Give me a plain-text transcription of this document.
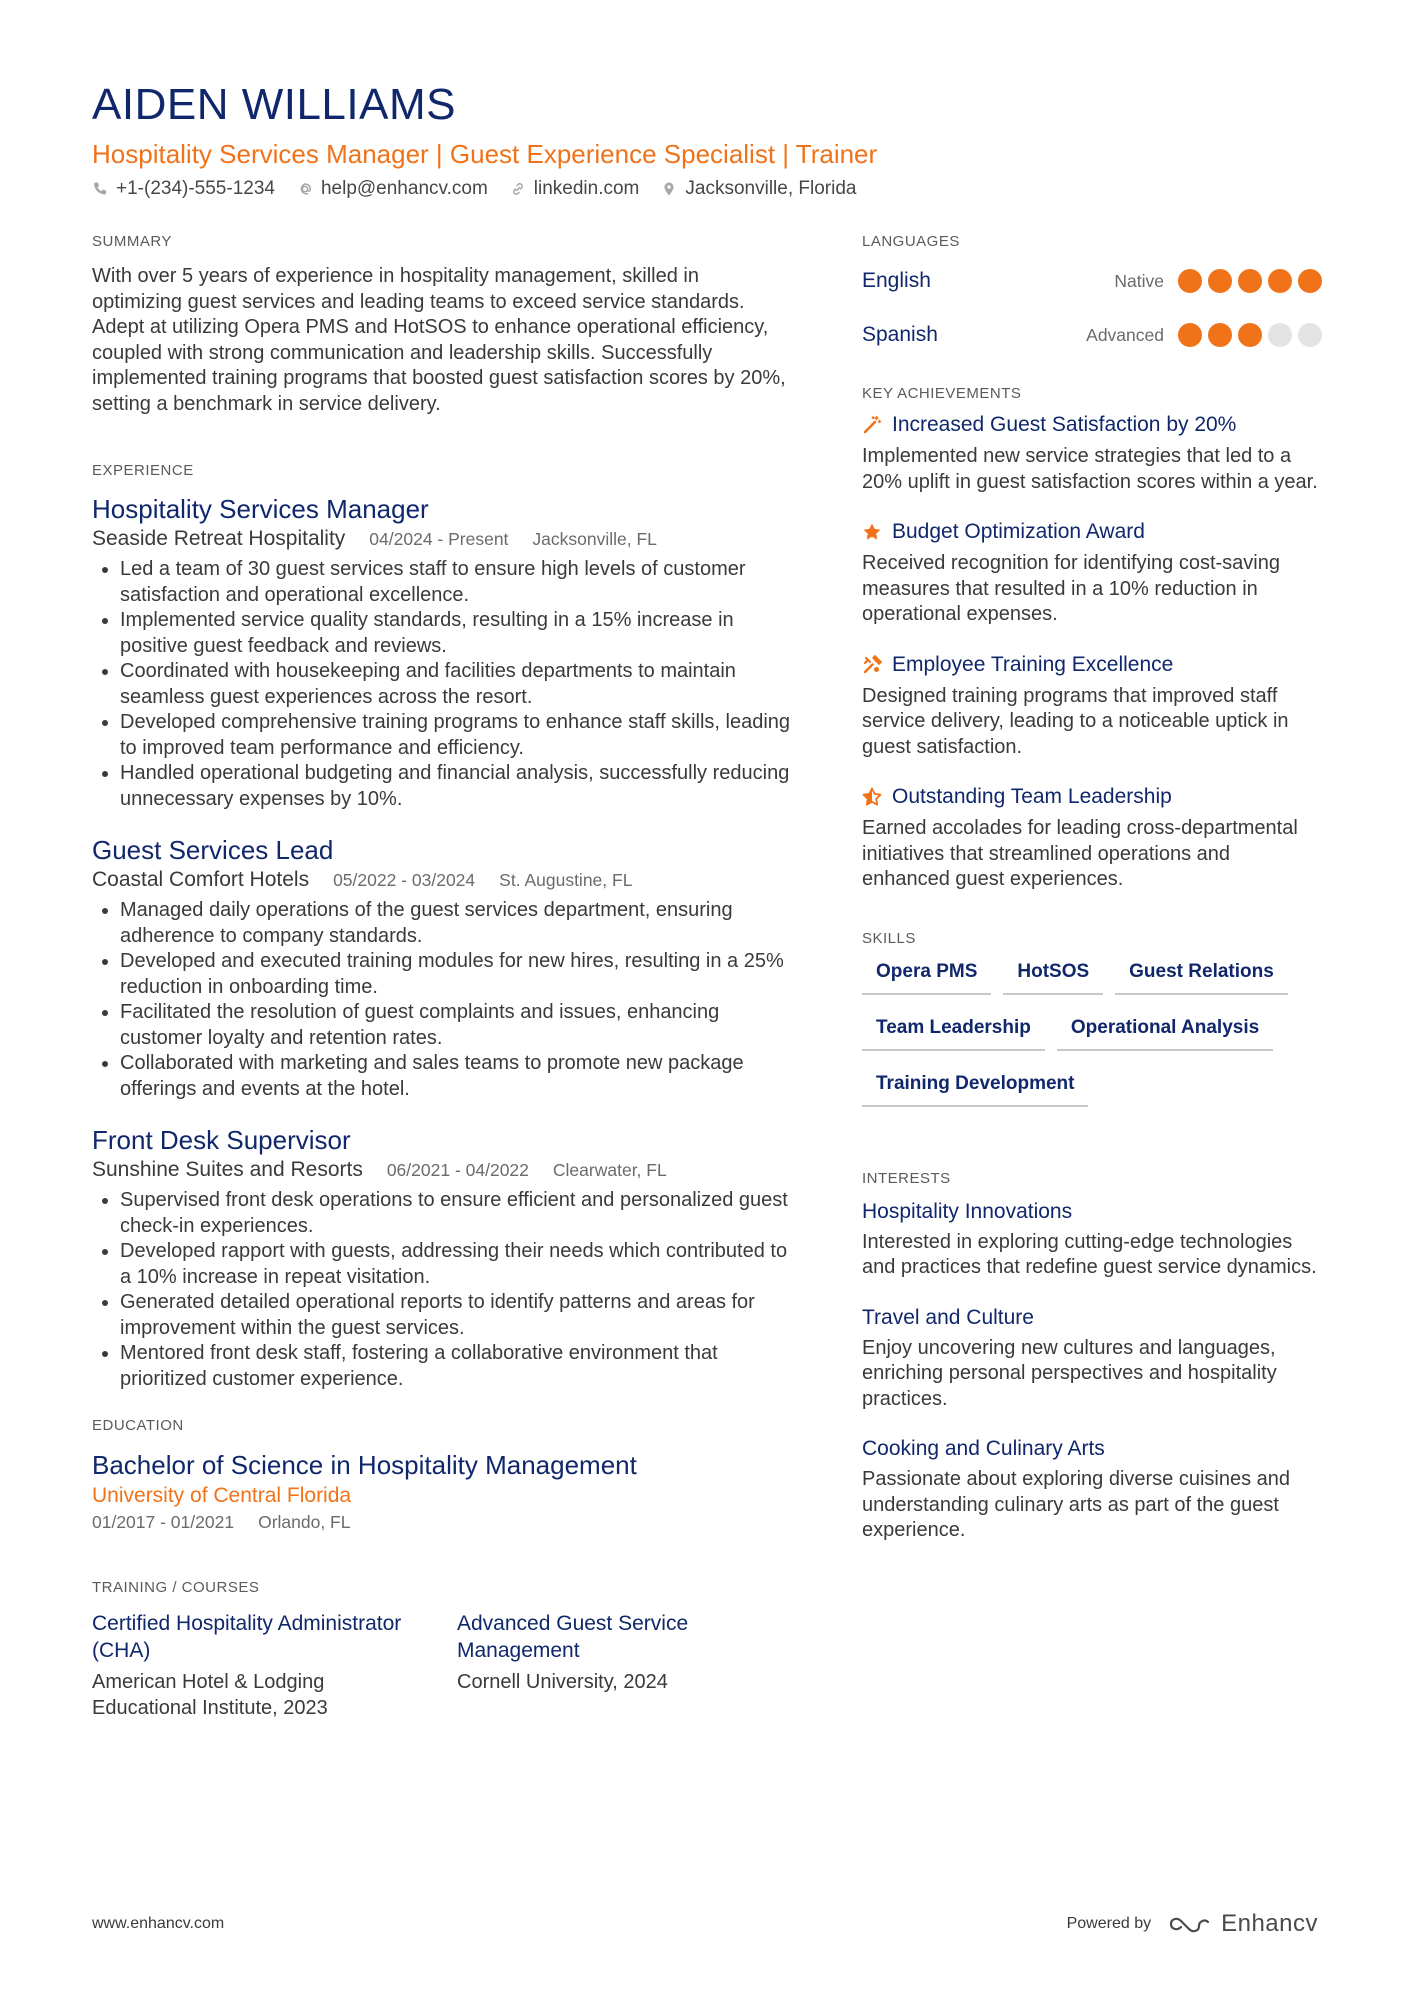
AIDEN WILLIAMS
Hospitality Services Manager | Guest Experience Specialist | Trainer
+1-(234)-555-1234 help@enhancv.com linkedin.com Jacksonville, Florida
SUMMARY
With over 5 years of experience in hospitality management, skilled in optimizing guest services and leading teams to exceed service standards. Adept at utilizing Opera PMS and HotSOS to enhance operational efficiency, coupled with strong communication and leadership skills. Successfully implemented training programs that boosted guest satisfaction scores by 20%, setting a benchmark in service delivery.
EXPERIENCE
Hospitality Services Manager
Seaside Retreat Hospitality 04/2024 - Present Jacksonville, FL
• Led a team of 30 guest services staff to ensure high levels of customer satisfaction and operational excellence.
• Implemented service quality standards, resulting in a 15% increase in positive guest feedback and reviews.
• Coordinated with housekeeping and facilities departments to maintain seamless guest experiences across the resort.
• Developed comprehensive training programs to enhance staff skills, leading to improved team performance and efficiency.
• Handled operational budgeting and financial analysis, successfully reducing unnecessary expenses by 10%.
Guest Services Lead
Coastal Comfort Hotels 05/2022 - 03/2024 St. Augustine, FL
• Managed daily operations of the guest services department, ensuring adherence to company standards.
• Developed and executed training modules for new hires, resulting in a 25% reduction in onboarding time.
• Facilitated the resolution of guest complaints and issues, enhancing customer loyalty and retention rates.
• Collaborated with marketing and sales teams to promote new package offerings and events at the hotel.
Front Desk Supervisor
Sunshine Suites and Resorts 06/2021 - 04/2022 Clearwater, FL
• Supervised front desk operations to ensure efficient and personalized guest check-in experiences.
• Developed rapport with guests, addressing their needs which contributed to a 10% increase in repeat visitation.
• Generated detailed operational reports to identify patterns and areas for improvement within the guest services.
• Mentored front desk staff, fostering a collaborative environment that prioritized customer experience.
EDUCATION
Bachelor of Science in Hospitality Management
University of Central Florida
01/2017 - 01/2021 Orlando, FL
TRAINING / COURSES
Certified Hospitality Administrator (CHA)
American Hotel & Lodging Educational Institute, 2023
Advanced Guest Service Management
Cornell University, 2024
LANGUAGES
English	Native
Spanish	Advanced
KEY ACHIEVEMENTS
Increased Guest Satisfaction by 20%
Implemented new service strategies that led to a 20% uplift in guest satisfaction scores within a year.
Budget Optimization Award
Received recognition for identifying cost-saving measures that resulted in a 10% reduction in operational expenses.
Employee Training Excellence
Designed training programs that improved staff service delivery, leading to a noticeable uptick in guest satisfaction.
Outstanding Team Leadership
Earned accolades for leading cross-departmental initiatives that streamlined operations and enhanced guest experiences.
SKILLS
Opera PMS	HotSOS	Guest Relations
Team Leadership	Operational Analysis
Training Development
INTERESTS
Hospitality Innovations
Interested in exploring cutting-edge technologies and practices that redefine guest service dynamics.
Travel and Culture
Enjoy uncovering new cultures and languages, enriching personal perspectives and hospitality practices.
Cooking and Culinary Arts
Passionate about exploring diverse cuisines and understanding culinary arts as part of the guest experience.
www.enhancv.com	Powered by	Enhancv
